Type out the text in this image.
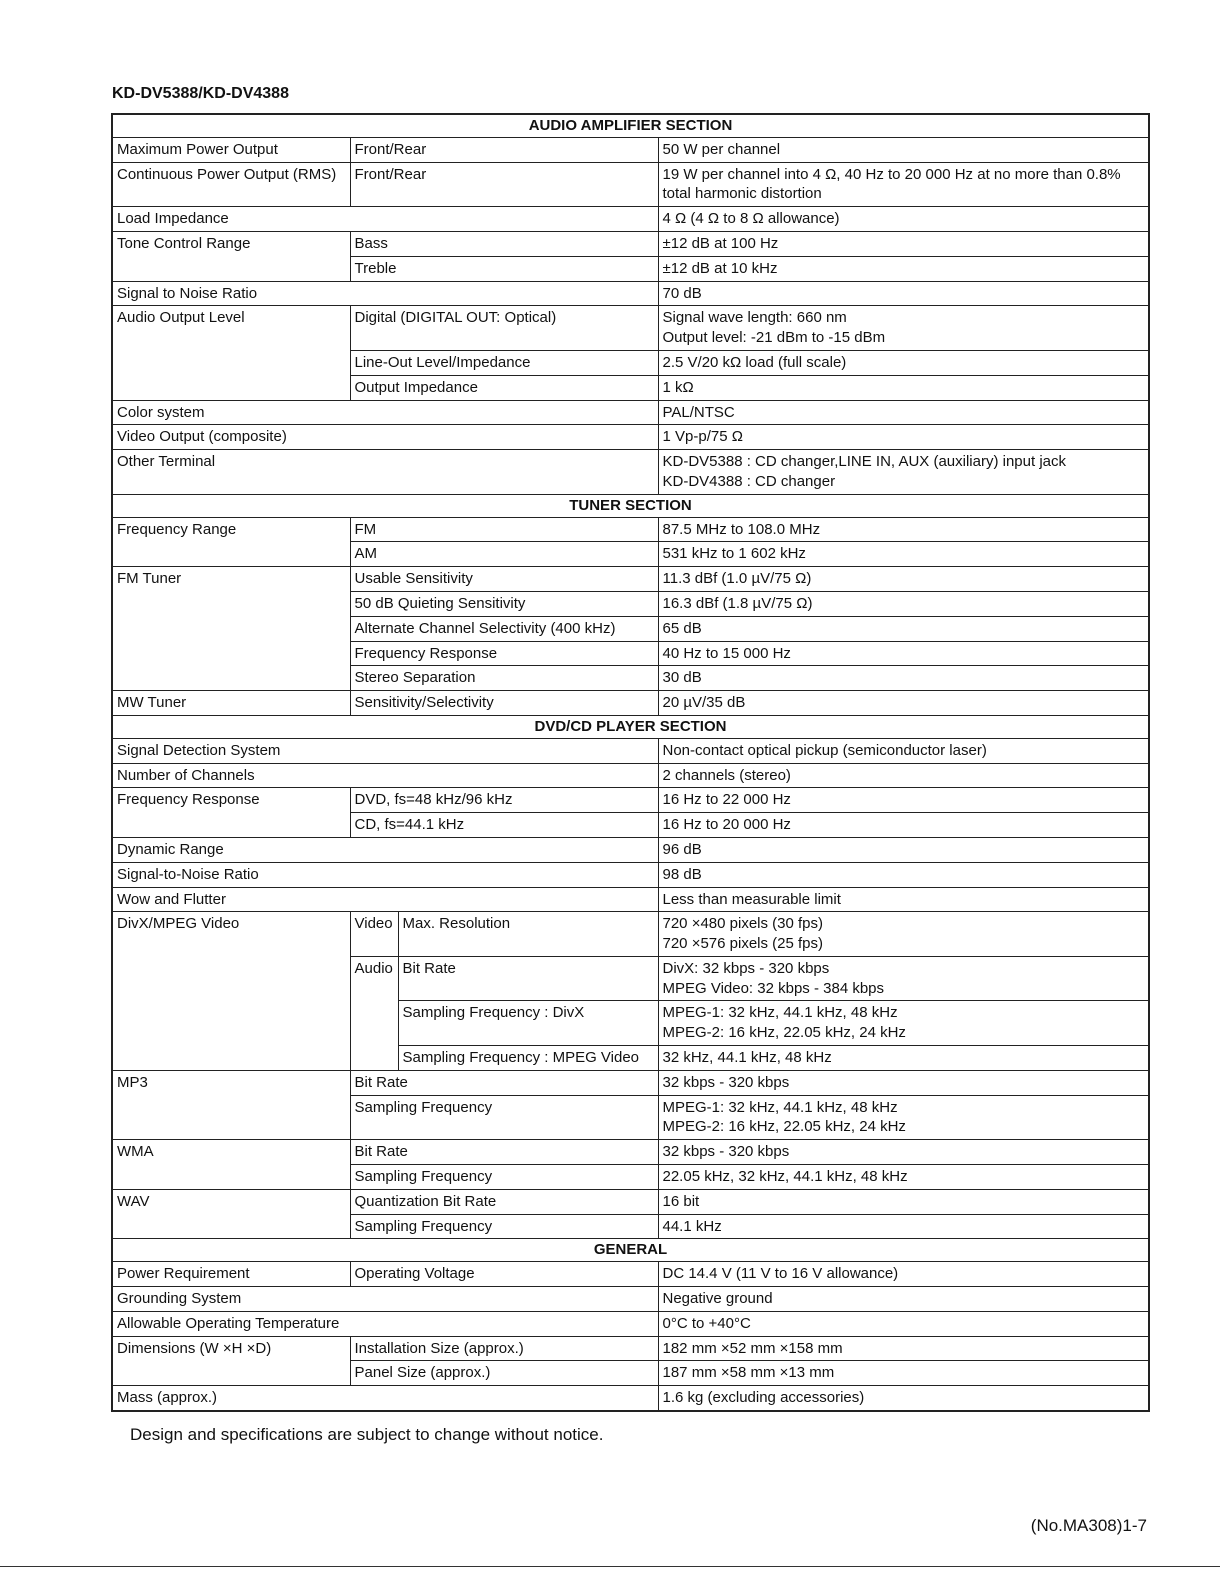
KD-DV5388/KD-DV4388
AUDIO AMPLIFIER SECTION			
Maximum Power Output	Front/Rear		50 W per channel
Continuous Power Output (RMS)	Front/Rear		19 W per channel into 4 Ω, 40 Hz to 20 000 Hz at no more than 0.8%
total harmonic distortion

Load Impedance			4 Ω (4 Ω to 8 Ω allowance)
Tone Control Range	Bass		±12 dB at 100 Hz
	Treble		±12 dB at 10 kHz
Signal to Noise Ratio			70 dB
Audio Output Level	Digital (DIGITAL OUT: Optical)		Signal wave length: 660 nm
Output level: -21 dBm to -15 dBm

	Line-Out Level/Impedance		2.5 V/20 kΩ load (full scale)
	Output Impedance		1 kΩ
Color system			PAL/NTSC
Video Output (composite)			1 Vp-p/75 Ω
Other Terminal			KD-DV5388 : CD changer,LINE IN, AUX (auxiliary) input jack
KD-DV4388 : CD changer

TUNER SECTION			
Frequency Range	FM		87.5 MHz to 108.0 MHz
	AM		531 kHz to 1 602 kHz
FM Tuner	Usable Sensitivity		11.3 dBf (1.0 µV/75 Ω)
	50 dB Quieting Sensitivity		16.3 dBf (1.8 µV/75 Ω)
	Alternate Channel Selectivity (400 kHz)		65 dB
	Frequency Response		40 Hz to 15 000 Hz
	Stereo Separation		30 dB
MW Tuner	Sensitivity/Selectivity		20 µV/35 dB
DVD/CD PLAYER SECTION			
Signal Detection System			Non-contact optical pickup (semiconductor laser)
Number of Channels			2 channels (stereo)
Frequency Response	DVD, fs=48 kHz/96 kHz		16 Hz to 22 000 Hz
	CD, fs=44.1 kHz		16 Hz to 20 000 Hz
Dynamic Range			96 dB
Signal-to-Noise Ratio			98 dB
Wow and Flutter			Less than measurable limit
DivX/MPEG Video	Video	Max. Resolution	720 ×480 pixels (30 fps)
720 ×576 pixels (25 fps)

	Audio	Bit Rate	DivX: 32 kbps - 320 kbps
MPEG Video: 32 kbps - 384 kbps

		Sampling Frequency : DivX	MPEG-1: 32 kHz, 44.1 kHz, 48 kHz
MPEG-2: 16 kHz, 22.05 kHz, 24 kHz

		Sampling Frequency : MPEG Video	32 kHz, 44.1 kHz, 48 kHz
MP3	Bit Rate		32 kbps - 320 kbps
	Sampling Frequency		MPEG-1: 32 kHz, 44.1 kHz, 48 kHz
MPEG-2: 16 kHz, 22.05 kHz, 24 kHz

WMA	Bit Rate		32 kbps - 320 kbps
	Sampling Frequency		22.05 kHz, 32 kHz, 44.1 kHz, 48 kHz
WAV	Quantization Bit Rate		16 bit
	Sampling Frequency		44.1 kHz
GENERAL			
Power Requirement	Operating Voltage		DC 14.4 V (11 V to 16 V allowance)
Grounding System			Negative ground
Allowable Operating Temperature			0°C to +40°C
Dimensions (W ×H ×D)	Installation Size (approx.)		182 mm ×52 mm ×158 mm
	Panel Size (approx.)		187 mm ×58 mm ×13 mm
Mass (approx.)			1.6 kg (excluding accessories)
Design and specifications are subject to change without notice.
(No.MA308)1-7
